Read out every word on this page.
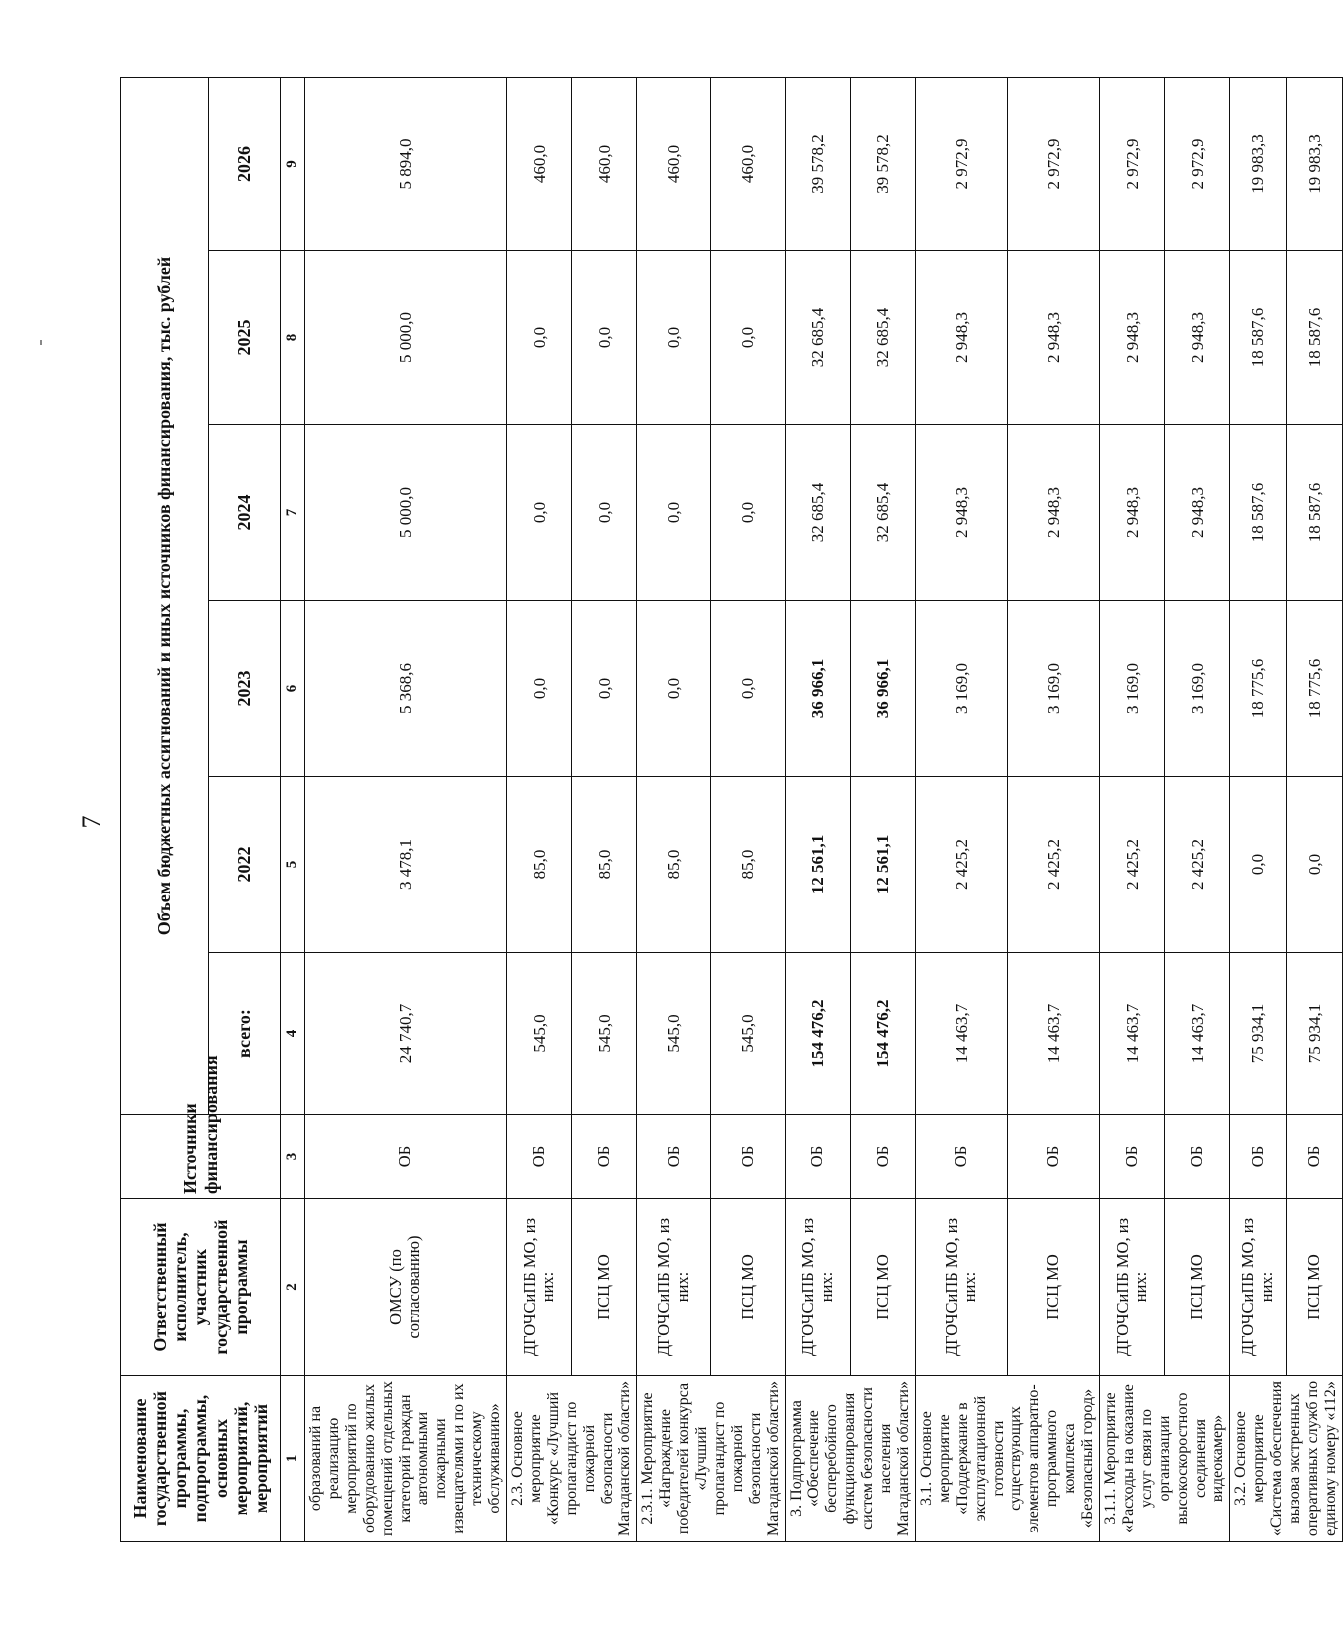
7
Наименование государственной программы, подпрограммы, основных мероприятий, мероприятий	Ответственный исполнитель, участник государственной программы	Источники финансирования	Объем бюджетных ассигнований и иных источников финансирования, тыс. рублей					
			всего:	2022	2023	2024	2025	2026
1	2	3	4	5	6	7	8	9
образований на реализацию мероприятий по оборудованию жилых помещений отдельных категорий граждан автономными пожарными извещателями и по их техническому обслуживанию»	ОМСУ (по согласованию)	ОБ	24 740,7	3 478,1	5 368,6	5 000,0	5 000,0	5 894,0
2.3. Основное мероприятие «Конкурс «Лучший пропагандист по пожарной безопасности Магаданской области»	ДГОЧСиПБ МО, из них:	ОБ	545,0	85,0	0,0	0,0	0,0	460,0
	ПСЦ МО	ОБ	545,0	85,0	0,0	0,0	0,0	460,0
2.3.1. Мероприятие «Награждение победителей конкурса «Лучший пропагандист по пожарной безопасности Магаданской области»	ДГОЧСиПБ МО, из них:	ОБ	545,0	85,0	0,0	0,0	0,0	460,0
	ПСЦ МО	ОБ	545,0	85,0	0,0	0,0	0,0	460,0
3. Подпрограмма «Обеспечение бесперебойного функционирования систем безопасности населения Магаданской области»	ДГОЧСиПБ МО, из них:	ОБ	154 476,2	12 561,1	36 966,1	32 685,4	32 685,4	39 578,2
	ПСЦ МО	ОБ	154 476,2	12 561,1	36 966,1	32 685,4	32 685,4	39 578,2
3.1. Основное мероприятие «Поддержание в эксплуатационной готовности существующих элементов аппаратно-программного комплекса «Безопасный город»	ДГОЧСиПБ МО, из них:	ОБ	14 463,7	2 425,2	3 169,0	2 948,3	2 948,3	2 972,9
	ПСЦ МО	ОБ	14 463,7	2 425,2	3 169,0	2 948,3	2 948,3	2 972,9
3.1.1. Мероприятие «Расходы на оказание услуг связи по организации высокоскоростного соединения видеокамер»	ДГОЧСиПБ МО, из них:	ОБ	14 463,7	2 425,2	3 169,0	2 948,3	2 948,3	2 972,9
	ПСЦ МО	ОБ	14 463,7	2 425,2	3 169,0	2 948,3	2 948,3	2 972,9
3.2. Основное мероприятие «Система обеспечения вызова экстренных оперативных служб по единому номеру «112»	ДГОЧСиПБ МО, из них:	ОБ	75 934,1	0,0	18 775,6	18 587,6	18 587,6	19 983,3
	ПСЦ МО	ОБ	75 934,1	0,0	18 775,6	18 587,6	18 587,6	19 983,3
